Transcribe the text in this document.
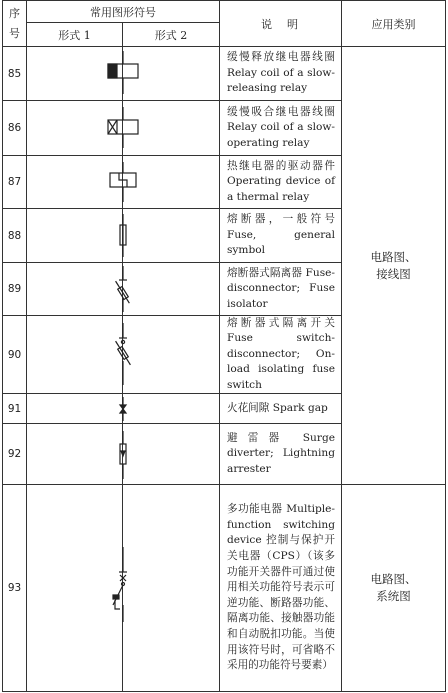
序号
常用图形符号
形式 1	形式 2
说　明	应用类别
85
86
87
88
89
90
91
92
93
缓慢释放继电器线圈 Relay coil of a slow-releasing relay
缓慢吸合继电器线圈 Relay coil of a slow-operating relay
热继电器的驱动器件 Operating device of a thermal relay
熔断器，一般符号 Fuse, general symbol
熔断器式隔离器 Fuse-disconnector; Fuse isolator
熔断器式隔离开关 Fuse switch-disconnector; On-load isolating fuse switch
火花间隙 Spark gap
避雷器 Surge diverter; Lightning arrester
多功能电器 Multiple-function switching device 控制与保护开关电器（CPS）（该多功能开关器件可通过使用相关功能符号表示可逆功能、断路器功能、隔离功能、接触器功能和自动脱扣功能。当使用该符号时，可省略不采用的功能符号要素）
电路图、
接线图
电路图、
系统图
